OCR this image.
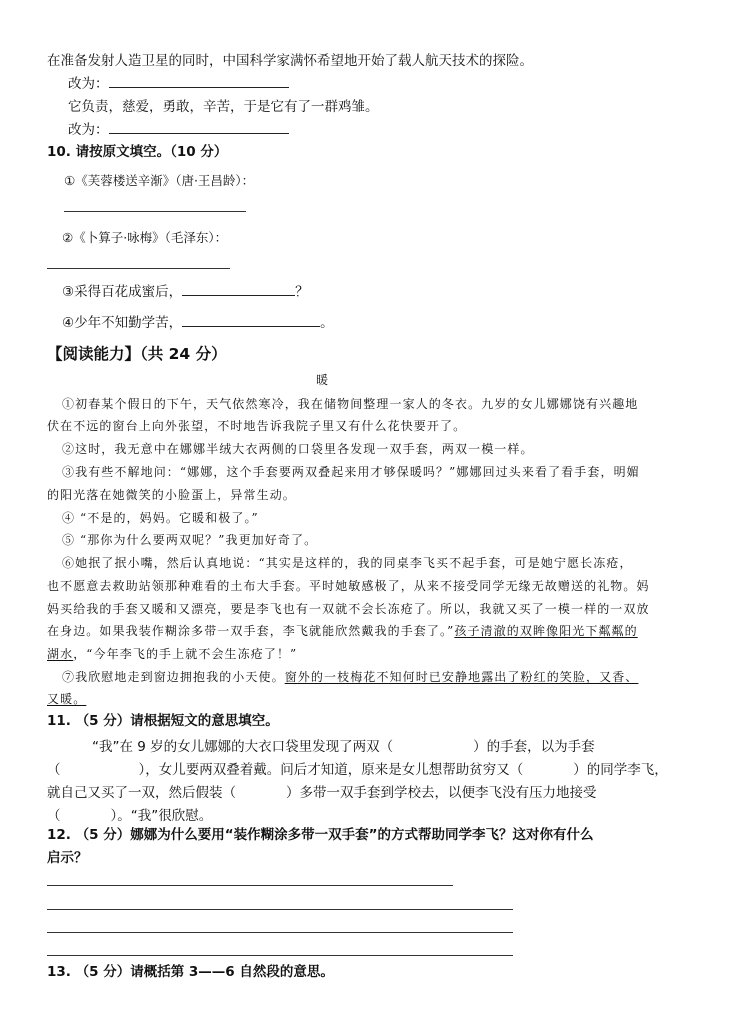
在准备发射人造卫星的同时，中国科学家满怀希望地开始了载人航天技术的探险。
改为：
它负责，慈爱，勇敢，辛苦，于是它有了一群鸡雏。
改为：
10. 请按原文填空。（10 分）
①《芙蓉楼送辛渐》（唐·王昌龄）：
②《卜算子·咏梅》（毛泽东）：
③采得百花成蜜后，	？
④少年不知勤学苦，	。
【阅读能力】（共 24 分）
暖
①初春某个假日的下午，天气依然寒冷，我在储物间整理一家人的冬衣。九岁的女儿娜娜饶有兴趣地
伏在不远的窗台上向外张望，不时地告诉我院子里又有什么花快要开了。
②这时，我无意中在娜娜半绒大衣两侧的口袋里各发现一双手套，两双一模一样。
③我有些不解地问：“娜娜，这个手套要两双叠起来用才够保暖吗？”娜娜回过头来看了看手套，明媚
的阳光落在她微笑的小脸蛋上，异常生动。
④ “不是的，妈妈。它暖和极了。”
⑤ “那你为什么要两双呢？”我更加好奇了。
⑥她抿了抿小嘴，然后认真地说：“其实是这样的，我的同桌李飞买不起手套，可是她宁愿长冻疮，
也不愿意去救助站领那种难看的土布大手套。平时她敏感极了，从来不接受同学无缘无故赠送的礼物。妈
妈买给我的手套又暖和又漂亮，要是李飞也有一双就不会长冻疮了。所以，我就又买了一模一样的一双放
在身边。如果我装作糊涂多带一双手套，李飞就能欣然戴我的手套了。”孩子清澈的双眸像阳光下粼粼的
湖水，“今年李飞的手上就不会生冻疮了！”
⑦我欣慰地走到窗边拥抱我的小天使。窗外的一枝梅花不知何时已安静地露出了粉红的笑脸，又香、
又暖。
11. （5 分）请根据短文的意思填空。
“我”在 9 岁的女儿娜娜的大衣口袋里发现了两双（	）的手套，以为手套
（	），女儿要两双叠着戴。问后才知道，原来是女儿想帮助贫穷又（	）的同学李飞，
就自己又买了一双，然后假装（	）多带一双手套到学校去，以便李飞没有压力地接受
（	）。“我”很欣慰。
12. （5 分）娜娜为什么要用“装作糊涂多带一双手套”的方式帮助同学李飞？这对你有什么
启示？
13. （5 分）请概括第 3——6 自然段的意思。
